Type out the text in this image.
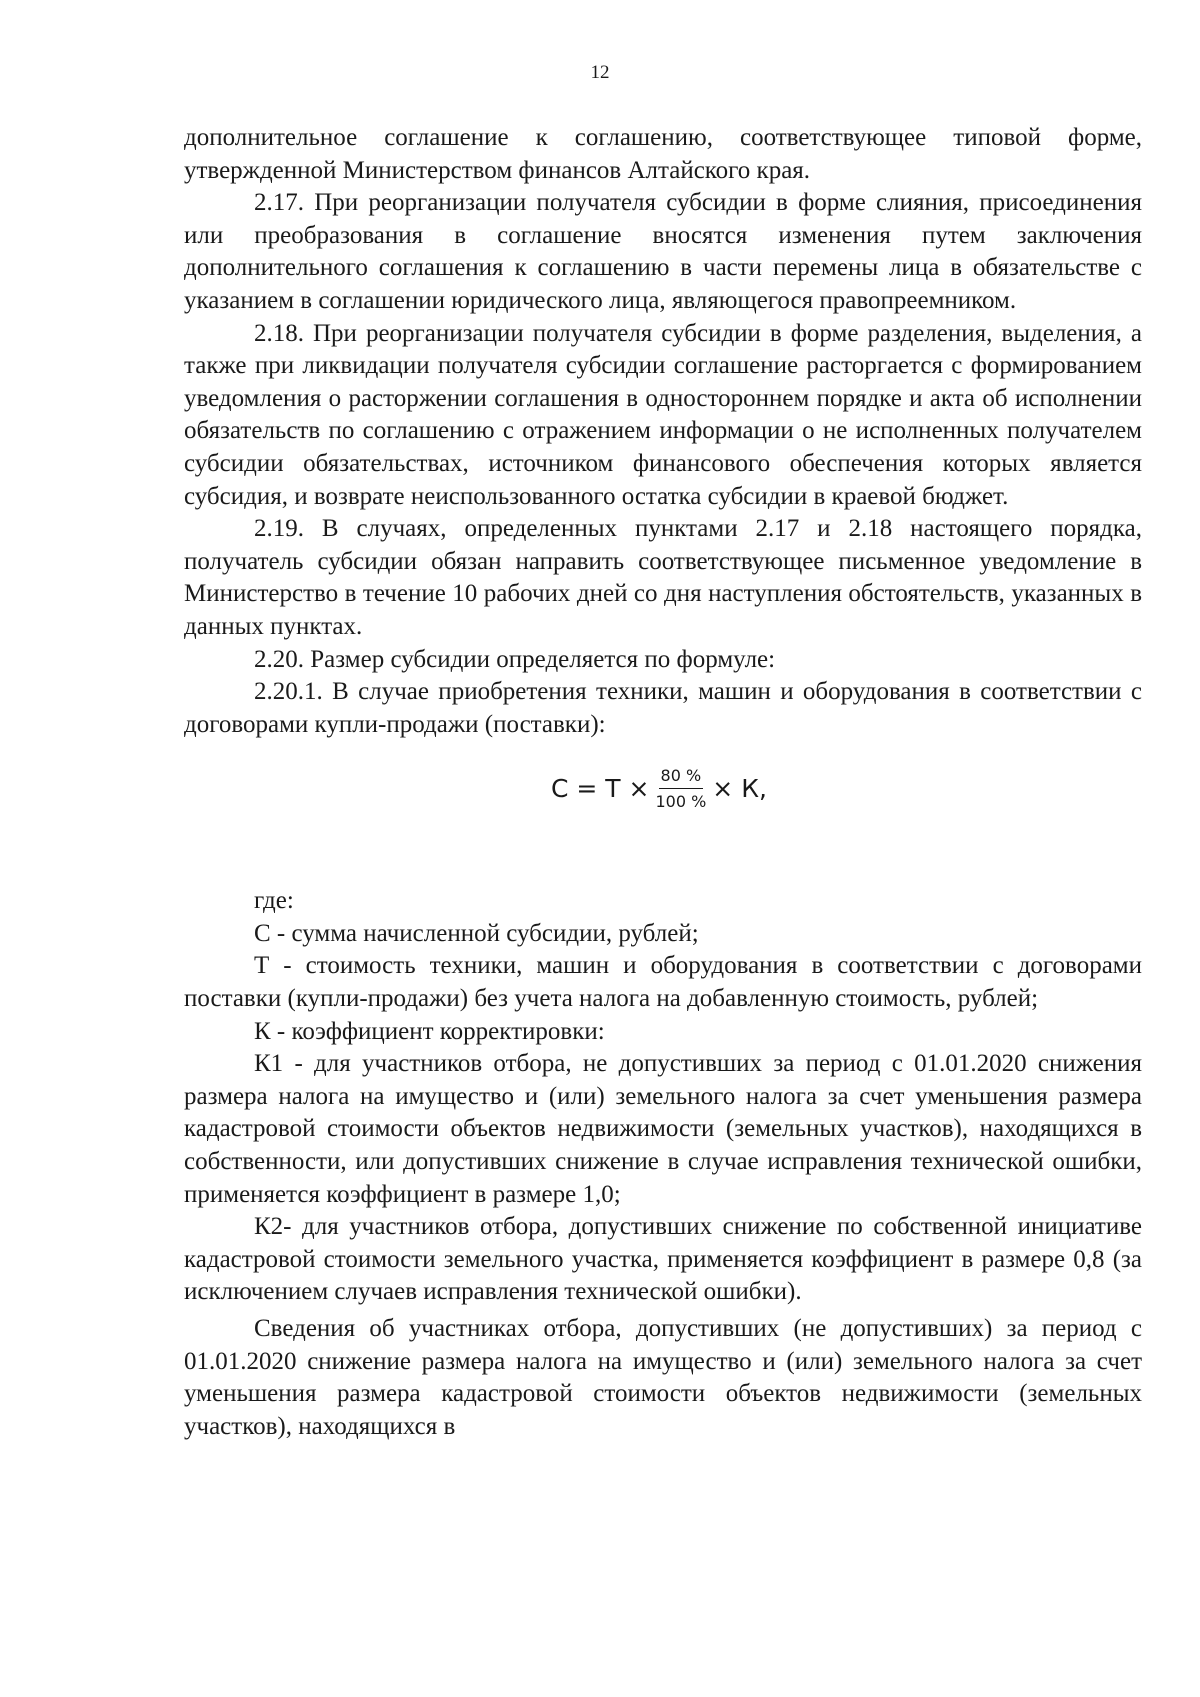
12

дополнительное соглашение к соглашению, соответствующее типовой форме, утвержденной Министерством финансов Алтайского края.

2.17. При реорганизации получателя субсидии в форме слияния, присоединения или преобразования в соглашение вносятся изменения путем заключения дополнительного соглашения к соглашению в части перемены лица в обязательстве с указанием в соглашении юридического лица, являющегося правопреемником.

2.18. При реорганизации получателя субсидии в форме разделения, выделения, а также при ликвидации получателя субсидии соглашение расторгается с формированием уведомления о расторжении соглашения в одностороннем порядке и акта об исполнении обязательств по соглашению с отражением информации о не исполненных получателем субсидии обязательствах, источником финансового обеспечения которых является субсидия, и возврате неиспользованного остатка субсидии в краевой бюджет.

2.19. В случаях, определенных пунктами 2.17 и 2.18 настоящего порядка, получатель субсидии обязан направить соответствующее письменное уведомление в Министерство в течение 10 рабочих дней со дня наступления обстоятельств, указанных в данных пунктах.

2.20. Размер субсидии определяется по формуле:

2.20.1. В случае приобретения техники, машин и оборудования в соответствии с договорами купли-продажи (поставки):

$С = Т \times \frac{80 \%}{100 \%} \times К$,

где:

С - сумма начисленной субсидии, рублей;

Т - стоимость техники, машин и оборудования в соответствии с договорами поставки (купли-продажи) без учета налога на добавленную стоимость, рублей;

К - коэффициент корректировки:

К1 - для участников отбора, не допустивших за период с 01.01.2020 снижения размера налога на имущество и (или) земельного налога за счет уменьшения размера кадастровой стоимости объектов недвижимости (земельных участков), находящихся в собственности, или допустивших снижение в случае исправления технической ошибки, применяется коэффициент в размере 1,0;

К2- для участников отбора, допустивших снижение по собственной инициативе кадастровой стоимости земельного участка, применяется коэффициент в размере 0,8 (за исключением случаев исправления технической ошибки).

Сведения об участниках отбора, допустивших (не допустивших) за период с 01.01.2020 снижение размера налога на имущество и (или) земельного налога за счет уменьшения размера кадастровой стоимости объектов недвижимости (земельных участков), находящихся в
